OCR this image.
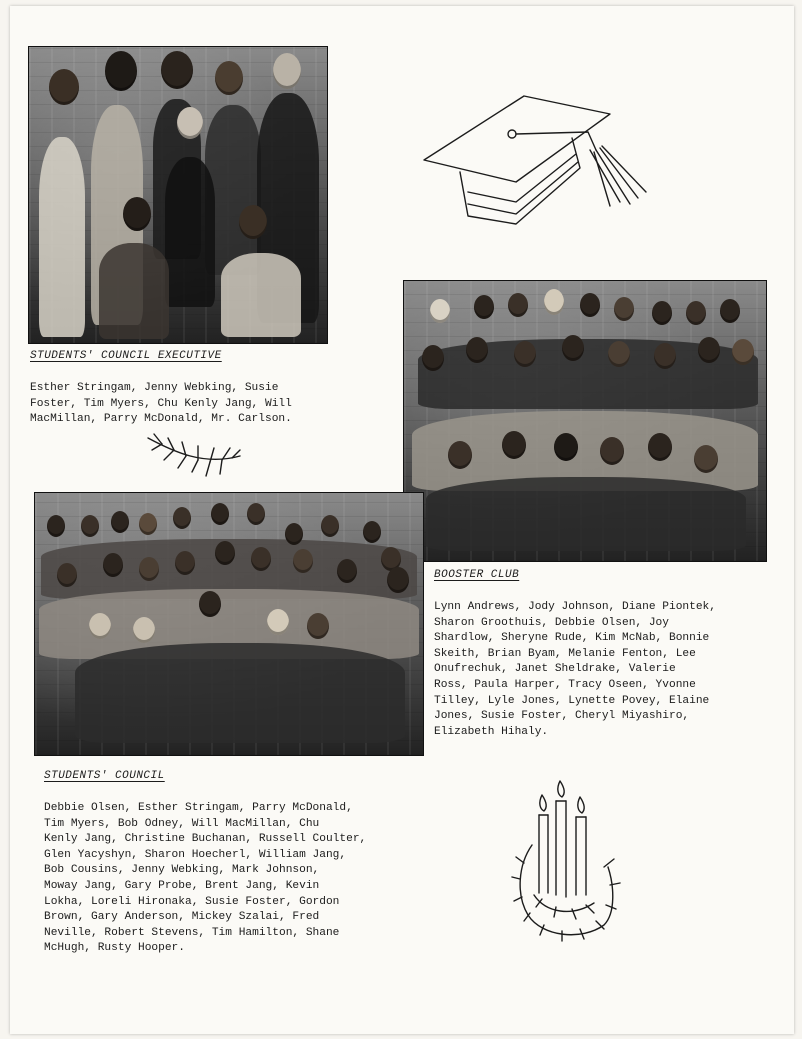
STUDENTS' COUNCIL EXECUTIVE
Esther Stringam, Jenny Webking, Susie
Foster, Tim Myers, Chu Kenly Jang, Will
MacMillan, Parry McDonald, Mr. Carlson.
BOOSTER CLUB
Lynn Andrews, Jody Johnson, Diane Piontek,
Sharon Groothuis, Debbie Olsen, Joy
Shardlow, Sheryne Rude, Kim McNab, Bonnie
Skeith, Brian Byam, Melanie Fenton, Lee
Onufrechuk, Janet Sheldrake, Valerie
Ross, Paula Harper, Tracy Oseen, Yvonne
Tilley, Lyle Jones, Lynette Povey, Elaine
Jones, Susie Foster, Cheryl Miyashiro,
Elizabeth Hihaly.
STUDENTS' COUNCIL
Debbie Olsen, Esther Stringam, Parry McDonald,
Tim Myers, Bob Odney, Will MacMillan, Chu
Kenly Jang, Christine Buchanan, Russell Coulter,
Glen Yacyshyn, Sharon Hoecherl, William Jang,
Bob Cousins, Jenny Webking, Mark Johnson,
Moway Jang, Gary Probe, Brent Jang, Kevin
Lokha, Loreli Hironaka, Susie Foster, Gordon
Brown, Gary Anderson, Mickey Szalai, Fred
Neville, Robert Stevens, Tim Hamilton, Shane
McHugh, Rusty Hooper.
